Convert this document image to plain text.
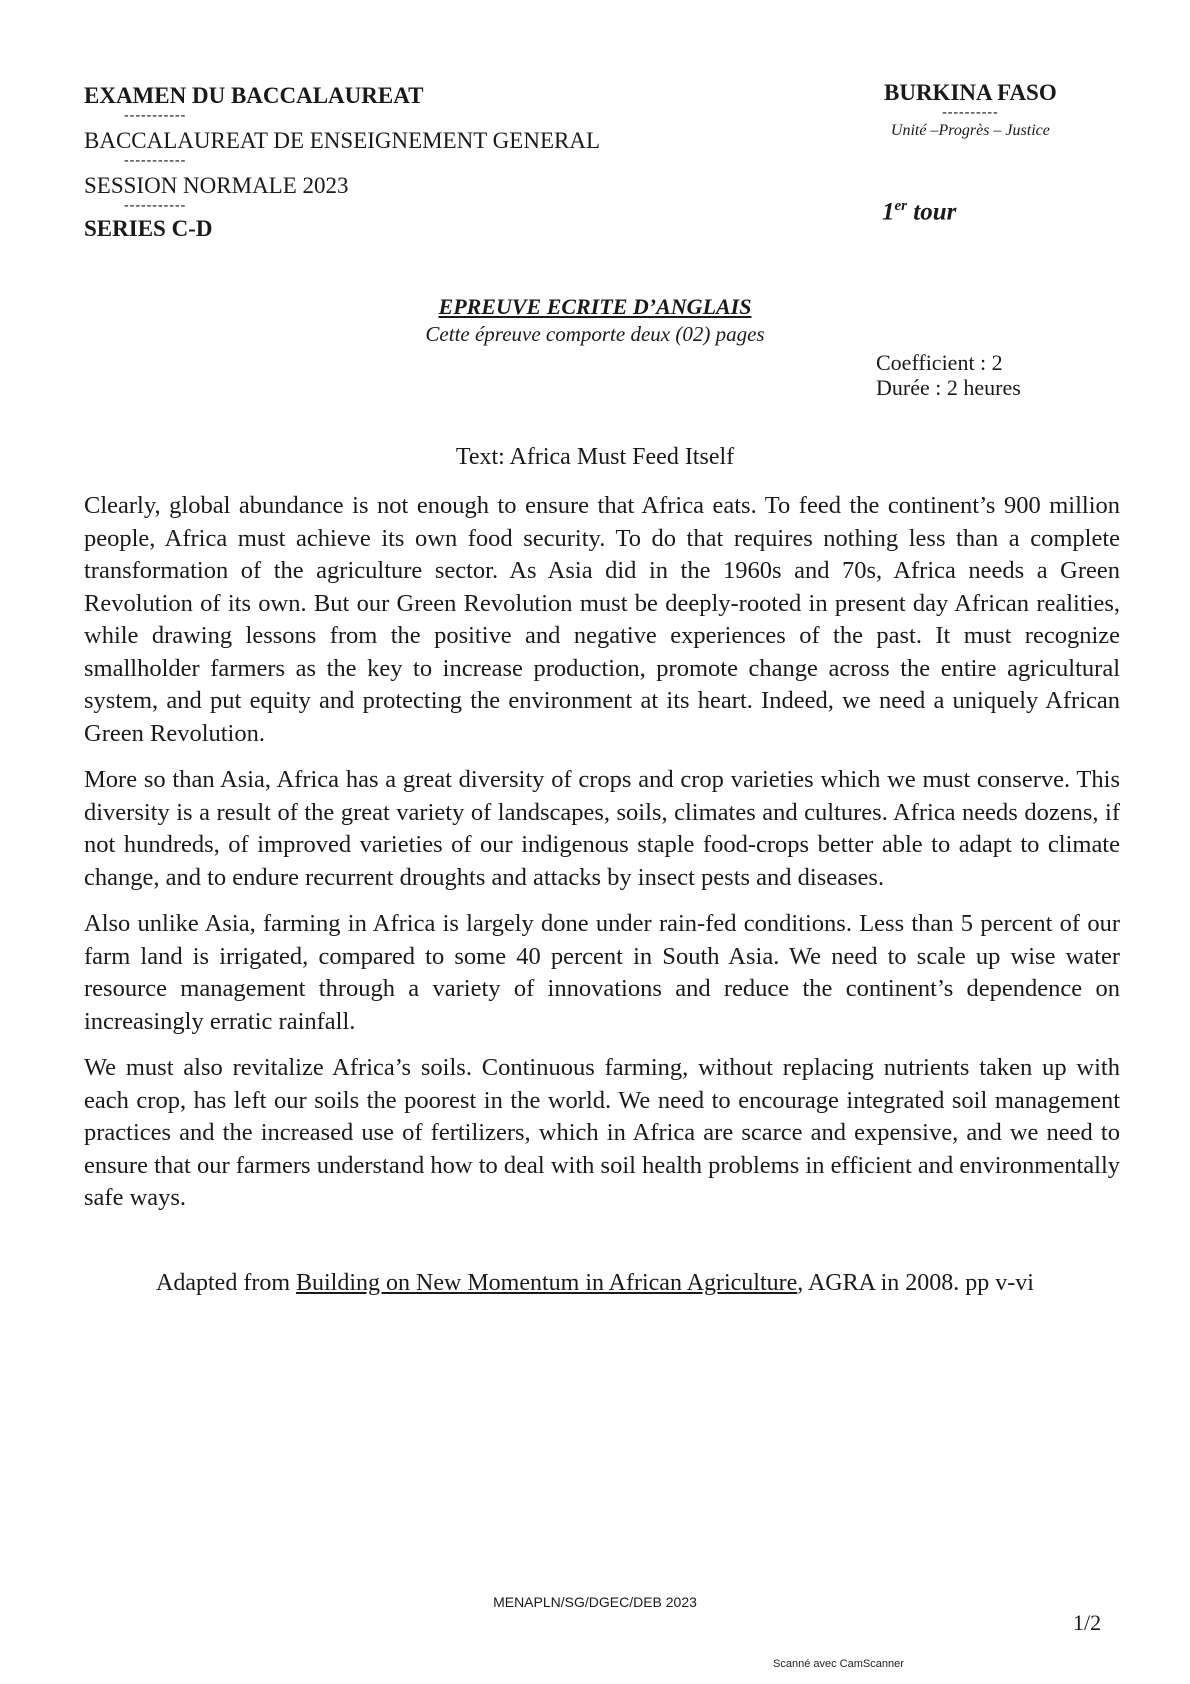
EXAMEN DU BACCALAUREAT
-----------
BACCALAUREAT DE ENSEIGNEMENT GENERAL
-----------
SESSION NORMALE 2023
-----------
SERIES C-D
BURKINA FASO
----------
Unité –Progrès – Justice
1er tour
EPREUVE ECRITE D’ANGLAIS
Cette épreuve comporte deux (02) pages
Coefficient : 2
Durée : 2 heures
Text: Africa Must Feed Itself

Clearly, global abundance is not enough to ensure that Africa eats. To feed the continent’s 900 million people, Africa must achieve its own food security. To do that requires nothing less than a complete transformation of the agriculture sector. As Asia did in the 1960s and 70s, Africa needs a Green Revolution of its own. But our Green Revolution must be deeply-rooted in present day African realities, while drawing lessons from the positive and negative experiences of the past. It must recognize smallholder farmers as the key to increase production, promote change across the entire agricultural system, and put equity and protecting the environment at its heart. Indeed, we need a uniquely African Green Revolution.

More so than Asia, Africa has a great diversity of crops and crop varieties which we must conserve. This diversity is a result of the great variety of landscapes, soils, climates and cultures. Africa needs dozens, if not hundreds, of improved varieties of our indigenous staple food-crops better able to adapt to climate change, and to endure recurrent droughts and attacks by insect pests and diseases.

Also unlike Asia, farming in Africa is largely done under rain-fed conditions. Less than 5 percent of our farm land is irrigated, compared to some 40 percent in South Asia. We need to scale up wise water resource management through a variety of innovations and reduce the continent’s dependence on increasingly erratic rainfall.

We must also revitalize Africa’s soils. Continuous farming, without replacing nutrients taken up with each crop, has left our soils the poorest in the world. We need to encourage integrated soil management practices and the increased use of fertilizers, which in Africa are scarce and expensive, and we need to ensure that our farmers understand how to deal with soil health problems in efficient and environmentally safe ways.

Adapted from Building on New Momentum in African Agriculture, AGRA in 2008. pp v-vi
MENAPLN/SG/DGEC/DEB 2023
1/2
Scanné avec CamScanner
